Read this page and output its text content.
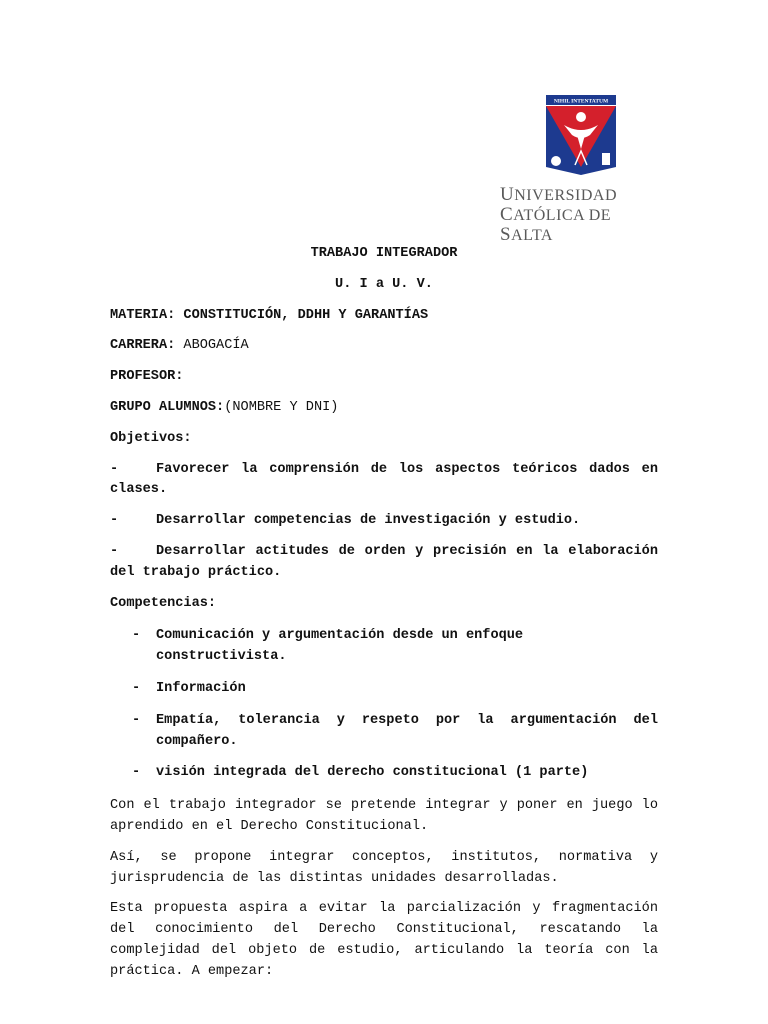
NIHIL INTENTATUM
UNIVERSIDAD
CATÓLICA DE SALTA

TRABAJO INTEGRADOR

U. I a U. V.

MATERIA: CONSTITUCIÓN, DDHH Y GARANTÍAS

CARRERA: ABOGACÍA

PROFESOR:

GRUPO ALUMNOS:(NOMBRE Y DNI)

Objetivos:

-	Favorecer la comprensión de los aspectos teóricos dados en clases.

-	Desarrollar competencias de investigación y estudio.

-	Desarrollar actitudes de orden y precisión en la elaboración del trabajo práctico.

Competencias:

- Comunicación y argumentación desde un enfoque constructivista.
- Información
- Empatía, tolerancia y respeto por la argumentación del compañero.
- visión integrada del derecho constitucional (1 parte)

Con el trabajo integrador se pretende integrar y poner en juego lo aprendido en el Derecho Constitucional.

Así, se propone integrar conceptos, institutos, normativa y jurisprudencia de las distintas unidades desarrolladas.

Esta propuesta aspira a evitar la parcialización y fragmentación del conocimiento del Derecho Constitucional, rescatando la complejidad del objeto de estudio, articulando la teoría con la práctica. A empezar:
